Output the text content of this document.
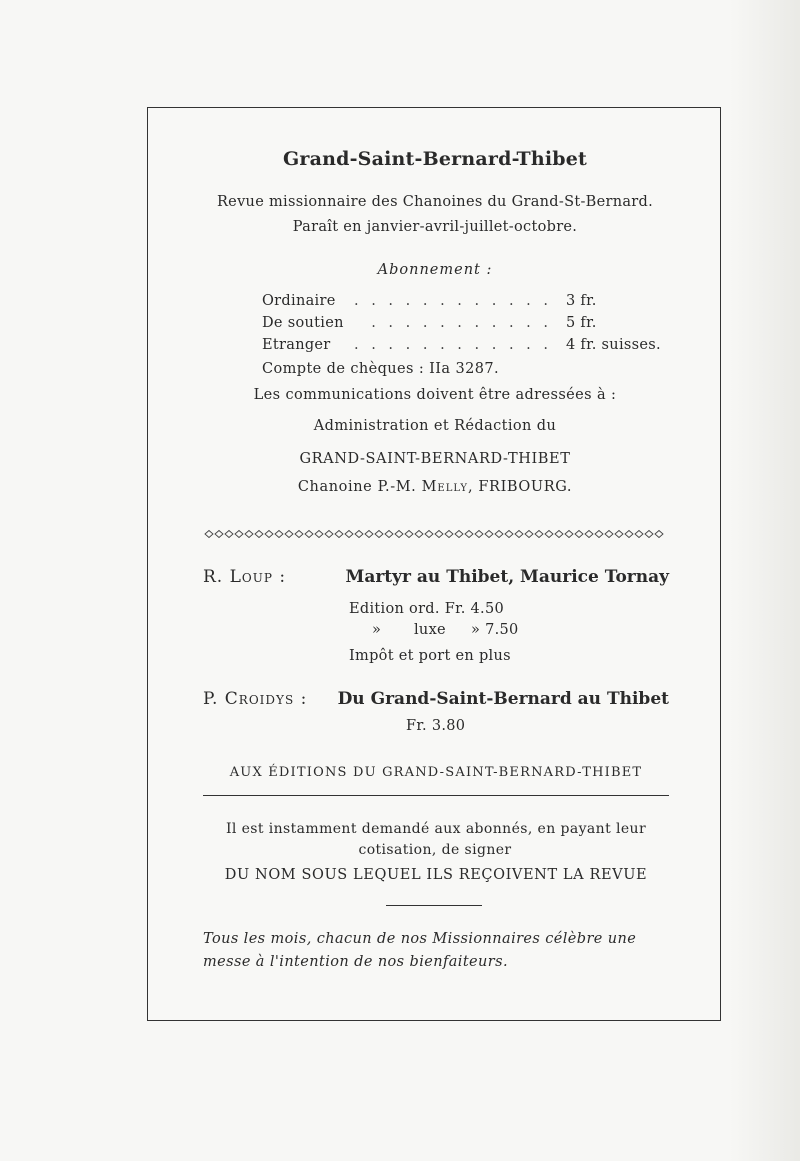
Grand-Saint-Bernard-Thibet
Revue missionnaire des Chanoines du Grand-St-Bernard.
Paraît en janvier-avril-juillet-octobre.
Abonnement :
Ordinaire	. . . . . . . . . . . . 3 fr.
De soutien	. . . . . . . . . . . 5 fr.
Etranger	. . . . . . . . . . . . 4 fr. suisses.
Compte de chèques : IIa 3287.
Les communications doivent être adressées à :
Administration et Rédaction du
GRAND-SAINT-BERNARD-THIBET
Chanoine P.-M. Melly, FRIBOURG.
R. Loup :	Martyr au Thibet, Maurice Tornay
Edition ord. Fr. 4.50
» luxe » 7.50
Impôt et port en plus
P. Croidys : Du Grand-Saint-Bernard au Thibet
Fr. 3.80
AUX ÉDITIONS DU GRAND-SAINT-BERNARD-THIBET
Il est instamment demandé aux abonnés, en payant leur
cotisation, de signer
DU NOM SOUS LEQUEL ILS REÇOIVENT LA REVUE
Tous les mois, chacun de nos Missionnaires célèbre une
messe à l'intention de nos bienfaiteurs.
